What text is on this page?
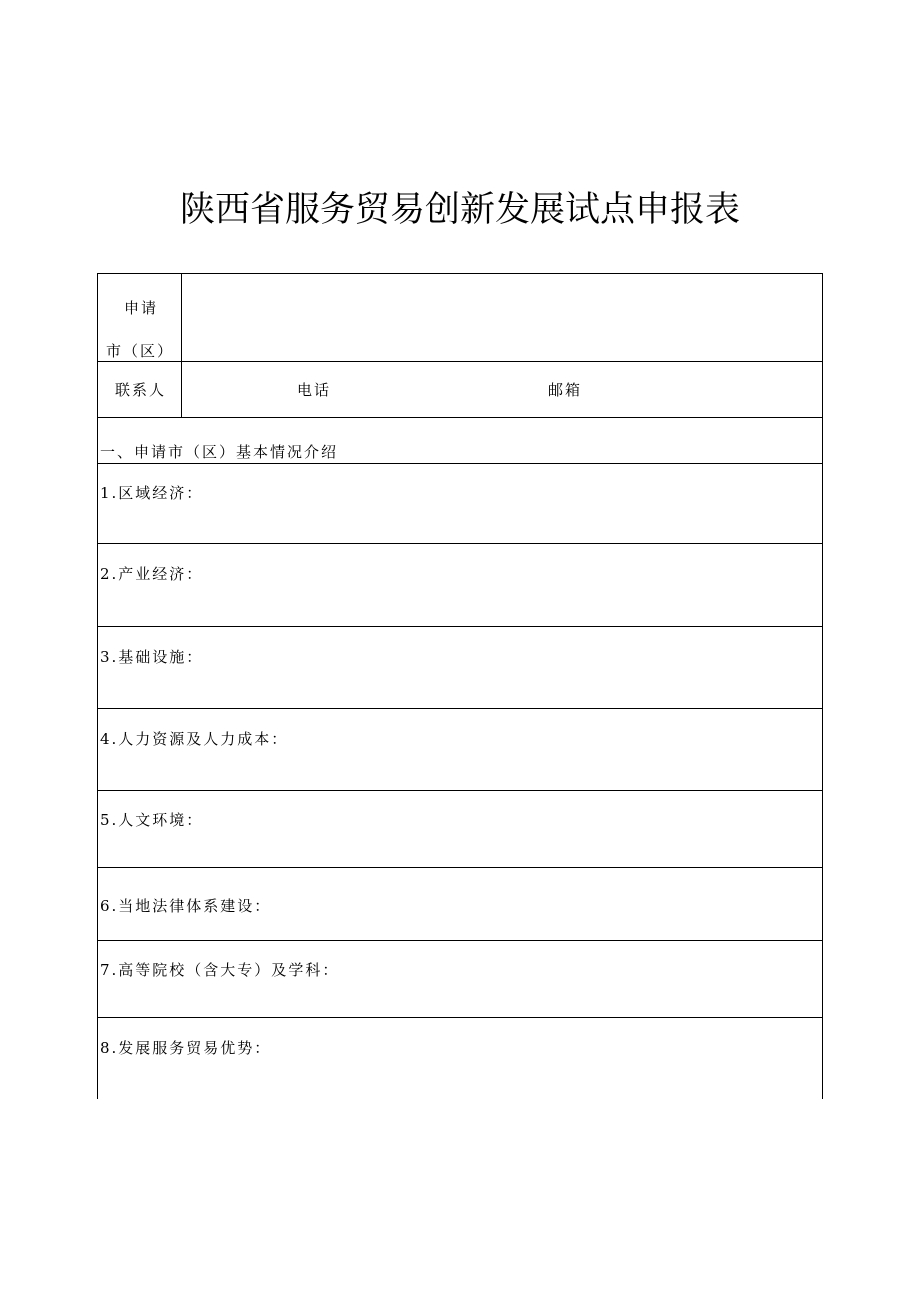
陕西省服务贸易创新发展试点申报表
申请
市（区）
联系人	电话	邮箱
一、申请市（区）基本情况介绍
1.区域经济：
2.产业经济：
3.基础设施：
4.人力资源及人力成本：
5.人文环境：
6.当地法律体系建设：
7.高等院校（含大专）及学科：
8.发展服务贸易优势：
